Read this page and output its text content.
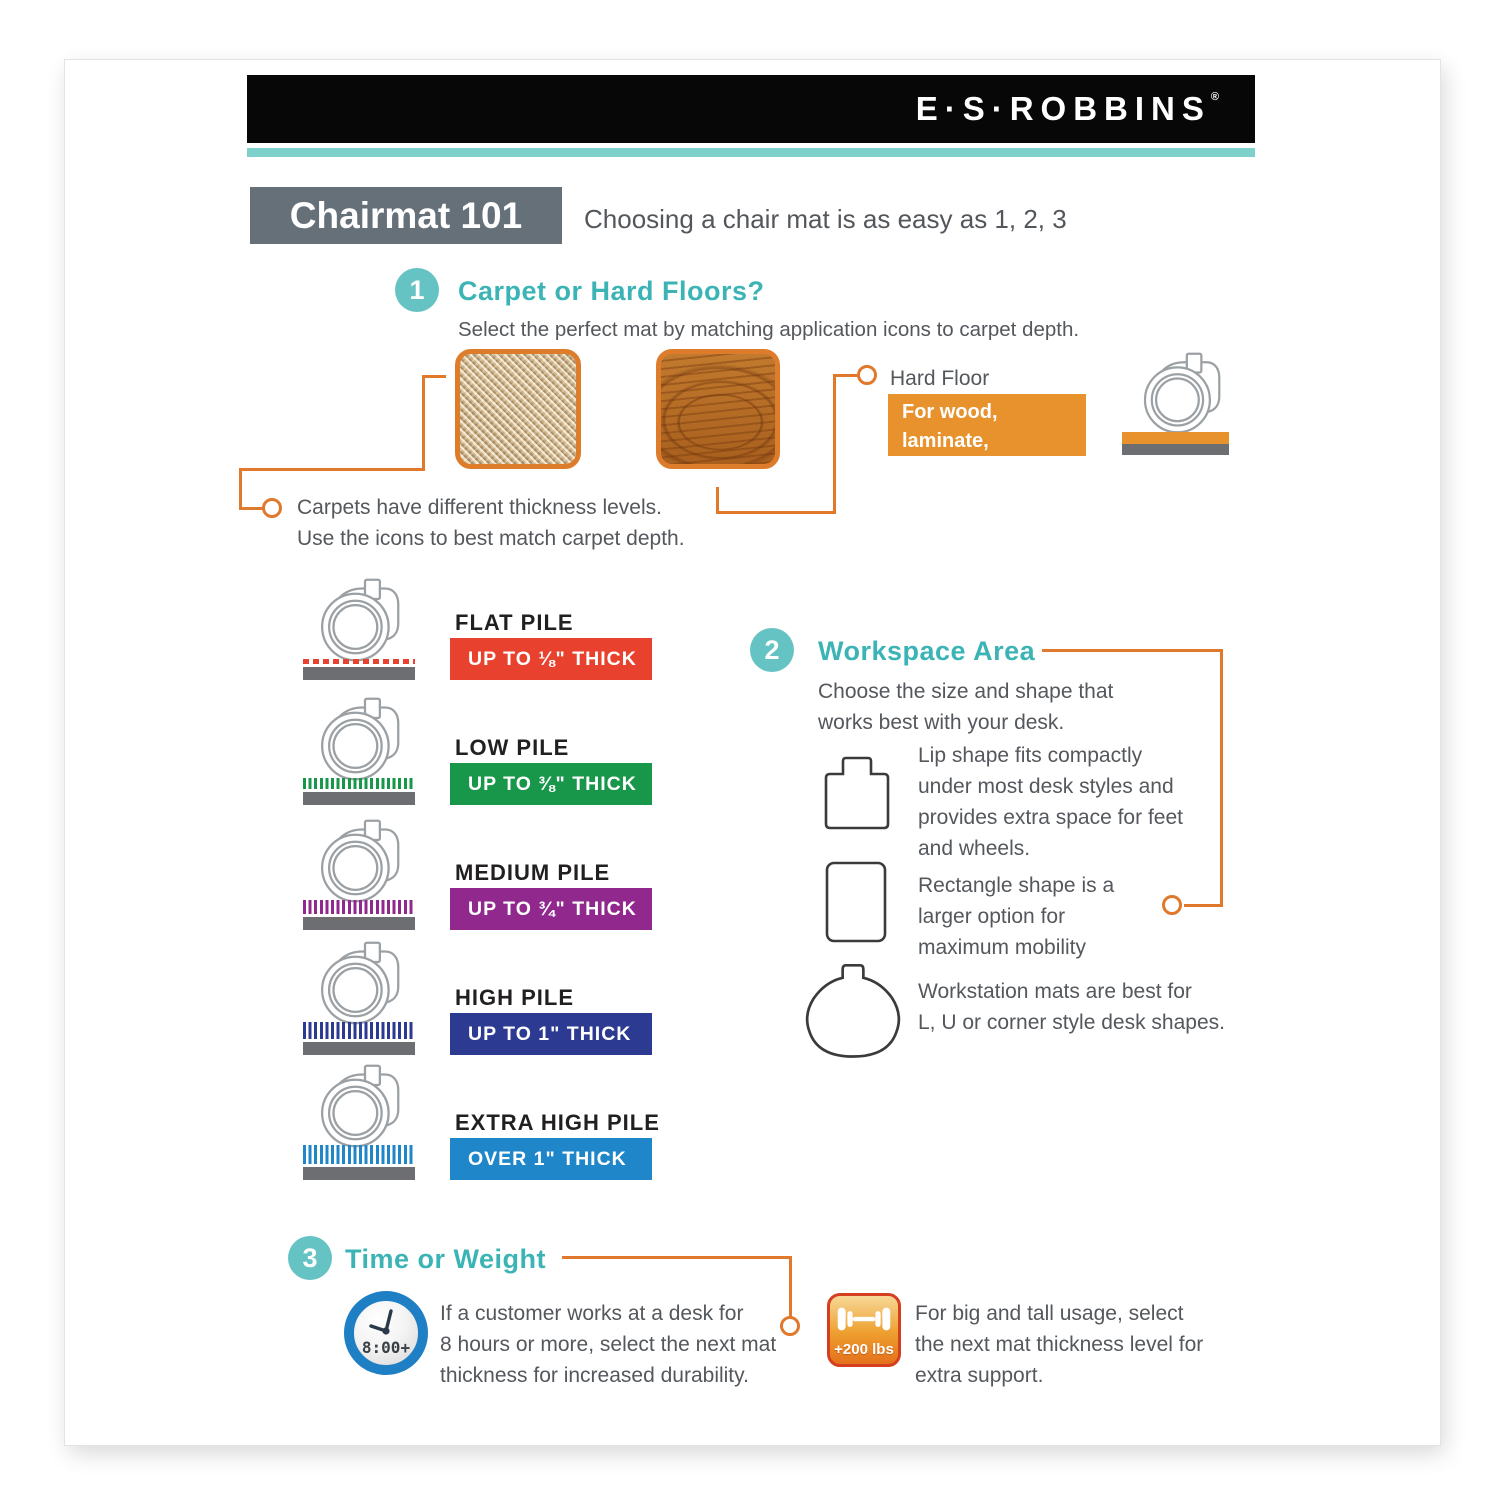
E·S·ROBBINS®
Chairmat 101 Choosing a chair mat is as easy as 1, 2, 3
1	Carpet or Hard Floors?
Select the perfect mat by matching application icons to carpet depth.
Carpets have different thickness levels.
Use the icons to best match carpet depth.
Hard Floor
For wood, laminate,
tile and more.
FLAT PILE
UP TO ⅛" THICK
LOW PILE
UP TO ⅜" THICK
MEDIUM PILE
UP TO ¾" THICK
HIGH PILE
UP TO 1" THICK
EXTRA HIGH PILE
OVER 1" THICK
2	Workspace Area
Choose the size and shape that
works best with your desk.
Lip shape fits compactly
under most desk styles and
provides extra space for feet
and wheels.
Rectangle shape is a
larger option for
maximum mobility
Workstation mats are best for
L, U or corner style desk shapes.
3	Time or Weight
8:00+
If a customer works at a desk for
8 hours or more, select the next mat
thickness for increased durability.
+200 lbs
For big and tall usage, select
the next mat thickness level for
extra support.
